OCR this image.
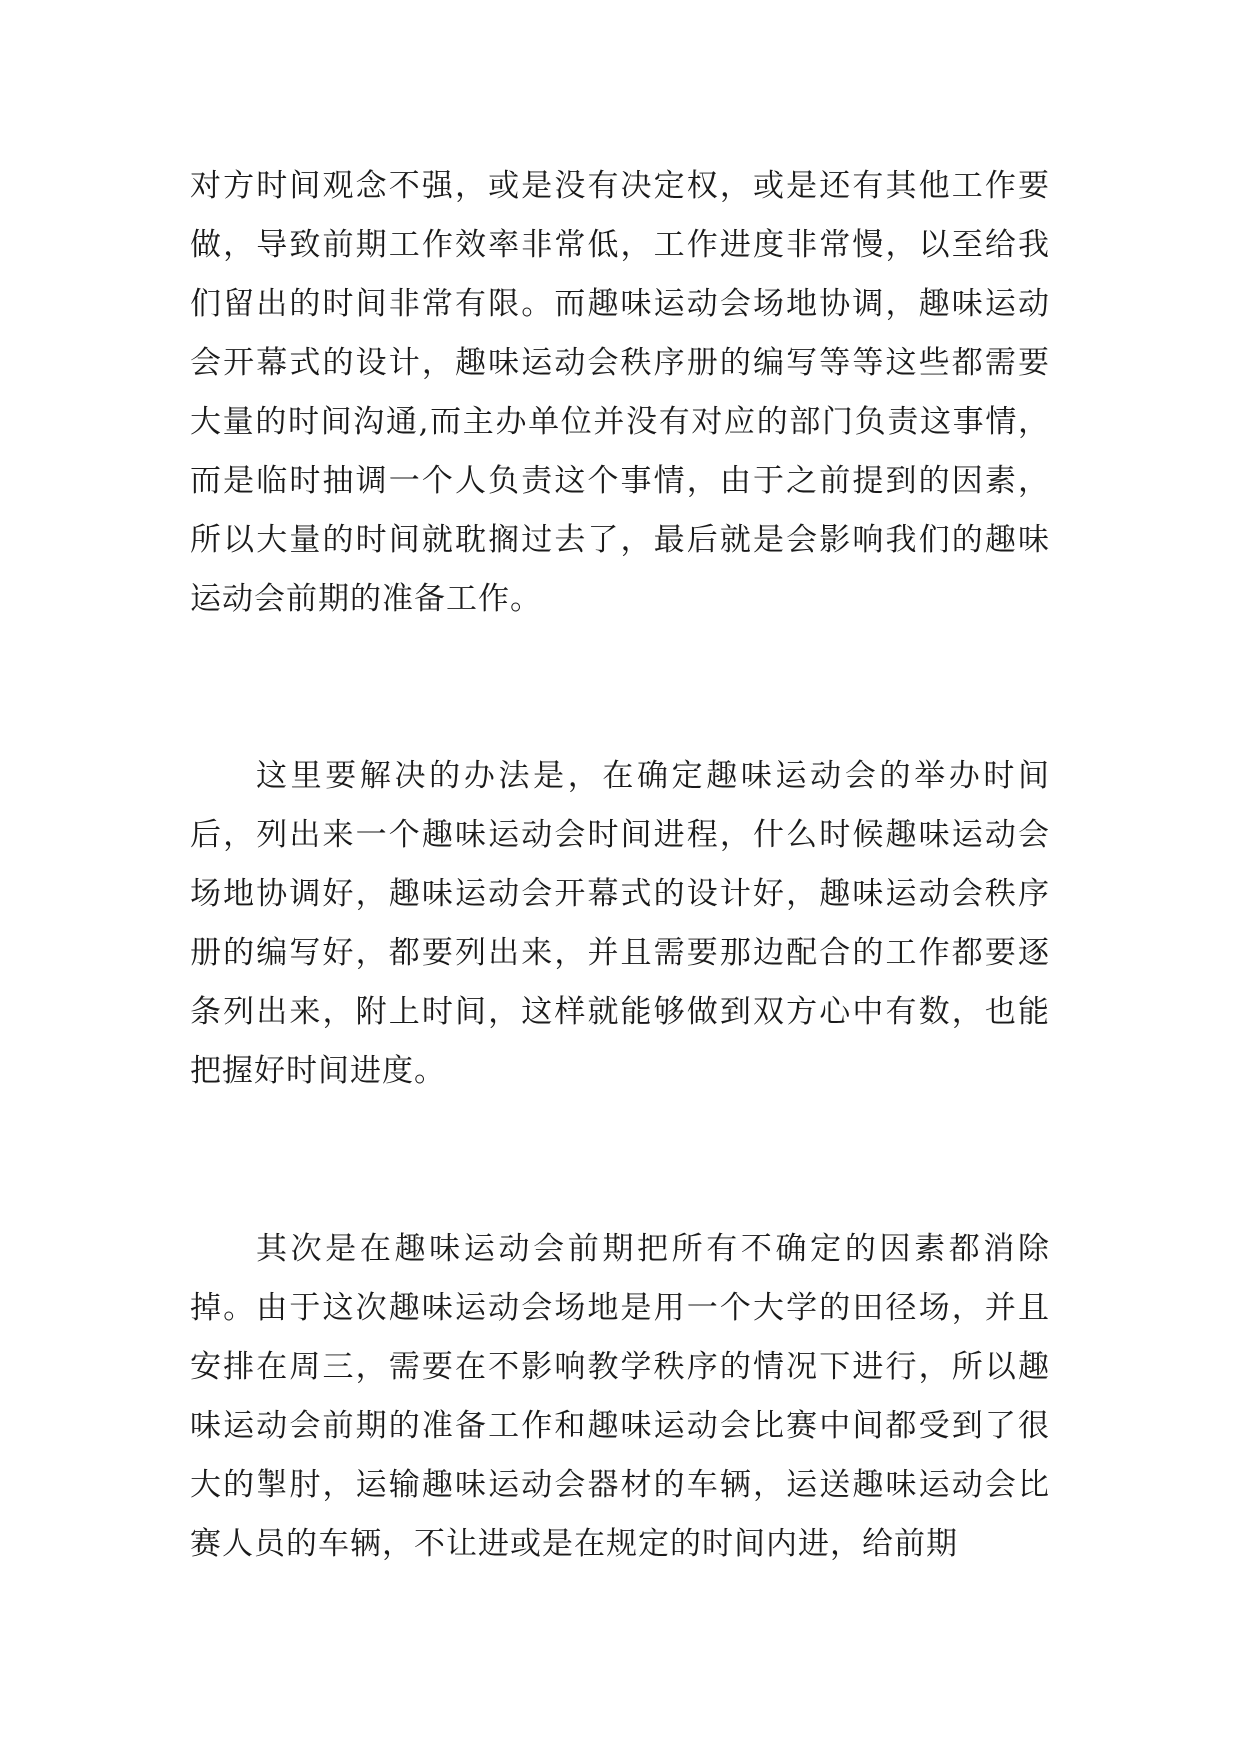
对方时间观念不强，或是没有决定权，或是还有其他工作要做，导致前期工作效率非常低，工作进度非常慢，以至给我们留出的时间非常有限。而趣味运动会场地协调，趣味运动会开幕式的设计，趣味运动会秩序册的编写等等这些都需要大量的时间沟通,而主办单位并没有对应的部门负责这事情，而是临时抽调一个人负责这个事情，由于之前提到的因素，所以大量的时间就耽搁过去了，最后就是会影响我们的趣味运动会前期的准备工作。

这里要解决的办法是，在确定趣味运动会的举办时间后，列出来一个趣味运动会时间进程，什么时候趣味运动会场地协调好，趣味运动会开幕式的设计好，趣味运动会秩序册的编写好，都要列出来，并且需要那边配合的工作都要逐条列出来，附上时间，这样就能够做到双方心中有数，也能把握好时间进度。

其次是在趣味运动会前期把所有不确定的因素都消除掉。由于这次趣味运动会场地是用一个大学的田径场，并且安排在周三，需要在不影响教学秩序的情况下进行，所以趣味运动会前期的准备工作和趣味运动会比赛中间都受到了很大的掣肘，运输趣味运动会器材的车辆，运送趣味运动会比赛人员的车辆，不让进或是在规定的时间内进，给前期
